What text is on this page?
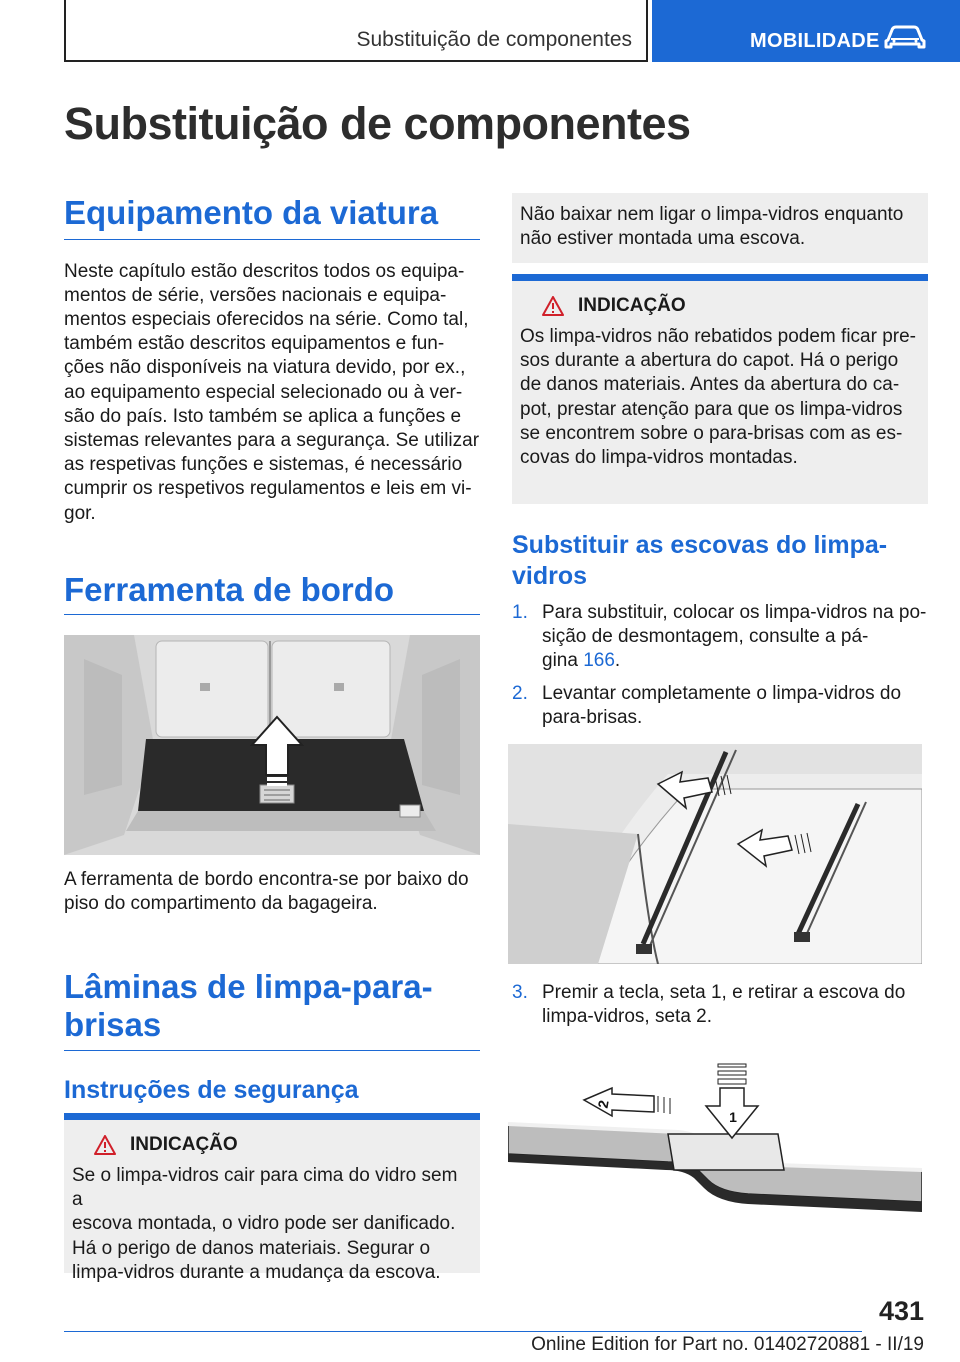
Substituição de componentes	MOBILIDADE
Substituição de componentes
Equipamento da viatura

Neste capítulo estão descritos todos os equipa-

mentos de série, versões nacionais e equipa-

mentos especiais oferecidos na série. Como tal,

também estão descritos equipamentos e fun-

ções não disponíveis na viatura devido, por ex.,

ao equipamento especial selecionado ou à ver-

são do país. Isto também se aplica a funções e

sistemas relevantes para a segurança. Se utilizar

as respetivas funções e sistemas, é necessário

cumprir os respetivos regulamentos e leis em vi-

gor.

Ferramenta de bordo

A ferramenta de bordo encontra-se por baixo do

piso do compartimento da bagageira.

Lâminas de limpa-para-
brisas
Instruções de segurança
INDICAÇÃO

Se o limpa-vidros cair para cima do vidro sem a

escova montada, o vidro pode ser danificado.

Há o perigo de danos materiais. Segurar o

limpa-vidros durante a mudança da escova.

Não baixar nem ligar o limpa-vidros enquanto

não estiver montada uma escova.

INDICAÇÃO

Os limpa-vidros não rebatidos podem ficar pre-

sos durante a abertura do capot. Há o perigo

de danos materiais. Antes da abertura do ca-

pot, prestar atenção para que os limpa-vidros

se encontrem sobre o para-brisas com as es-

covas do limpa-vidros montadas.

Substituir as escovas do limpa-
vidros
1. Para substituir, colocar os limpa-vidros na po-
sição de desmontagem, consulte a pá-
gina 166.
2. Levantar completamente o limpa-vidros do
para-brisas.
3. Premir a tecla, seta 1, e retirar a escova do
limpa-vidros, seta 2.
1
2
431
Online Edition for Part no. 01402720881 - II/19
